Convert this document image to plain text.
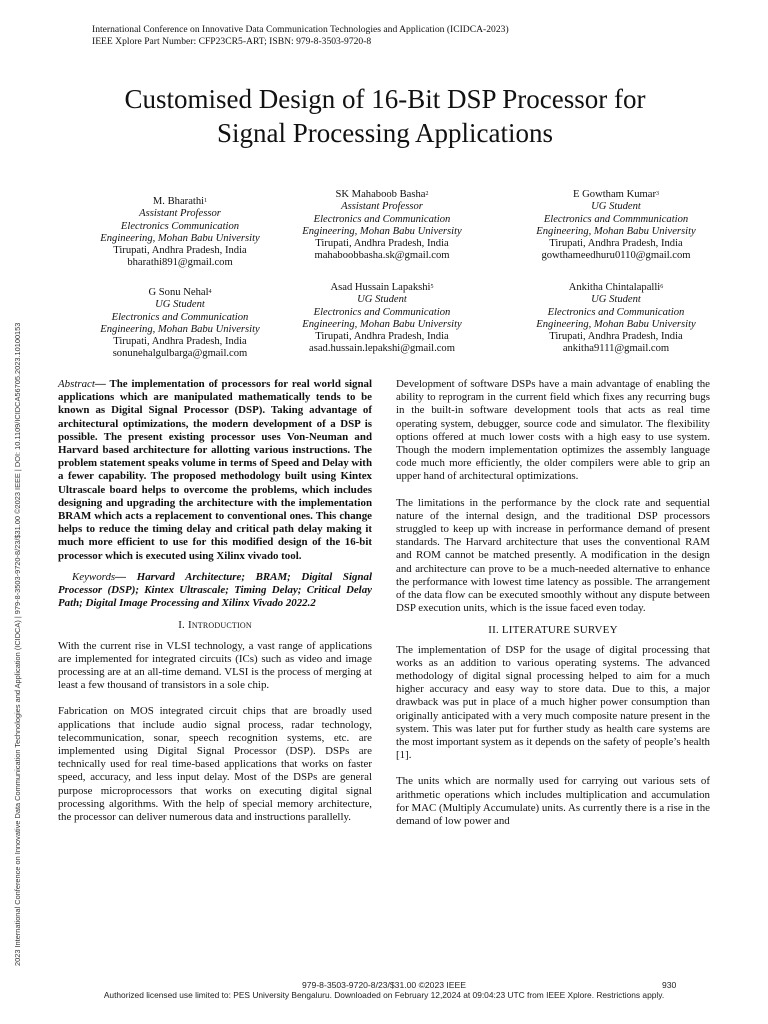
International Conference on Innovative Data Communication Technologies and Application (ICIDCA-2023)
IEEE Xplore Part Number: CFP23CR5-ART; ISBN: 979-8-3503-9720-8
Customised Design of 16-Bit DSP Processor for
Signal Processing Applications
2023 International Conference on Innovative Data Communication Technologies and Application (ICIDCA) | 979-8-3503-9720-8/23/$31.00 ©2023 IEEE | DOI: 10.1109/ICIDCA56705.2023.10100153
M. Bharathi$^1$
Assistant Professor
Electronics Communication
Engineering, Mohan Babu University
Tirupati, Andhra Pradesh, India
bharathi891@gmail.com
SK Mahaboob Basha$^2$
Assistant Professor
Electronics and Communication
Engineering, Mohan Babu University
Tirupati, Andhra Pradesh, India
mahaboobbasha.sk@gmail.com
E Gowtham Kumar$^3$
UG Student
Electronics and Commmunication
Engineering, Mohan Babu University
Tirupati, Andhra Pradesh, India
gowthameedhuru0110@gmail.com
G Sonu Nehal$^4$
UG Student
Electronics and Communication
Engineering, Mohan Babu University
Tirupati, Andhra Pradesh, India
sonunehalgulbarga@gmail.com
Asad Hussain Lapakshi$^5$
UG Student
Electronics and Communication
Engineering, Mohan Babu University
Tirupati, Andhra Pradesh, India
asad.hussain.lepakshi@gmail.com
Ankitha Chintalapalli$^6$
UG Student
Electronics and Communication
Engineering, Mohan Babu University
Tirupati, Andhra Pradesh, India
ankitha9111@gmail.com

Abstract— The implementation of processors for real world signal applications which are manipulated mathematically tends to be known as Digital Signal Processor (DSP). Taking advantage of architectural optimizations, the modern development of a DSP is possible. The present existing processor uses Von-Neuman and Harvard based architecture for allotting various instructions. The problem statement speaks volume in terms of Speed and Delay with a fewer capability. The proposed methodology built using Kintex Ultrascale board helps to overcome the problems, which includes designing and upgrading the architecture with the implementation BRAM which acts a replacement to conventional ones. This change helps to reduce the timing delay and critical path delay making it much more efficient to use for this modified design of the 16-bit processor which is executed using Xilinx vivado tool.

Keywords— Harvard Architecture; BRAM; Digital Signal Processor (DSP); Kintex Ultrascale; Timing Delay; Critical Delay Path; Digital Image Processing and Xilinx Vivado 2022.2

I. Introduction

With the current rise in VLSI technology, a vast range of applications are implemented for integrated circuits (ICs) such as video and image processing are at an all-time demand. VLSI is the process of merging at least a few thousand of transistors in a sole chip.

Fabrication on MOS integrated circuit chips that are broadly used applications that include audio signal process, radar technology, telecommunication, sonar, speech recognition systems, etc. are implemented using Digital Signal Processor (DSP). DSPs are technically used for real time-based applications that works on faster speed, accuracy, and less input delay. Most of the DSPs are general purpose microprocessors that works on executing digital signal processing algorithms. With the help of special memory architecture, the processor can deliver numerous data and instructions parallelly.

Development of software DSPs have a main advantage of enabling the ability to reprogram in the current field which fixes any recurring bugs in the built-in software development tools that acts as real time operating system, debugger, source code and simulator. The flexibility options offered at much lower costs with a high easy to use system. Though the modern implementation optimizes the assembly language code much more efficiently, the older compilers were able to grip an upper hand of architectural optimizations.

The limitations in the performance by the clock rate and sequential nature of the internal design, and the traditional DSP processors struggled to keep up with increase in performance demand of present standards. The Harvard architecture that uses the conventional RAM and ROM cannot be matched presently. A modification in the design and architecture can prove to be a much-needed alternative to enhance the performance with lowest time latency as possible. The arrangement of the data flow can be executed smoothly without any dispute between DSP execution units, which is the issue faced even today.

II. LITERATURE SURVEY

The implementation of DSP for the usage of digital processing that works as an addition to various operating systems. The advanced methodology of digital signal processing helped to aim for a much higher accuracy and easy way to store data. Due to this, a major drawback was put in place of a much higher power consumption than originally anticipated with a very much composite nature present in the system. This was later put for further study as health care systems are the most important system as it depends on the safety of people’s health [1].

The units which are normally used for carrying out various sets of arithmetic operations which includes multiplication and accumulation for MAC (Multiply Accumulate) units. As currently there is a rise in the demand of low power and

979-8-3503-9720-8/23/$31.00 ©2023 IEEE	930
Authorized licensed use limited to: PES University Bengaluru. Downloaded on February 12,2024 at 09:04:23 UTC from IEEE Xplore. Restrictions apply.
